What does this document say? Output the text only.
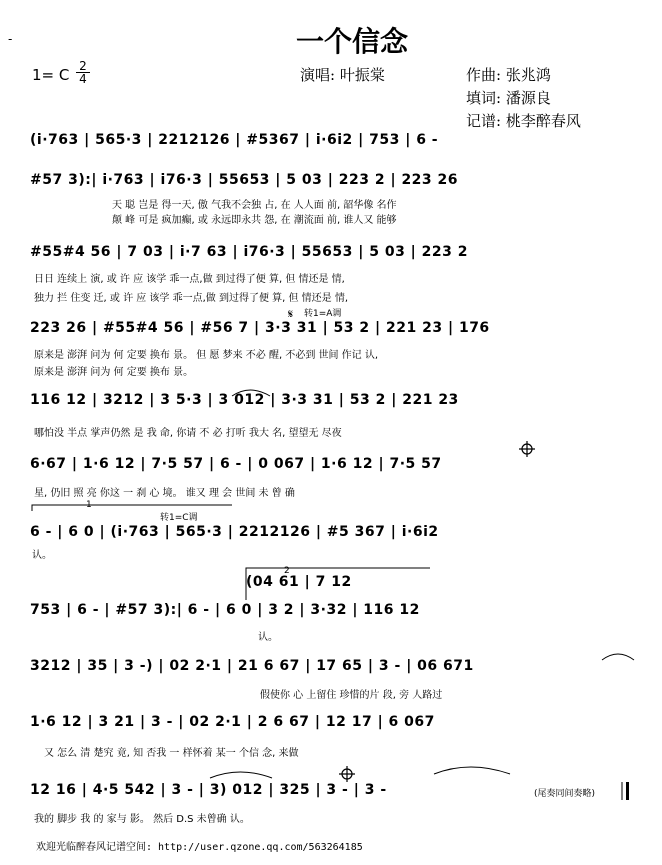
-	一个信念
演唱: 叶振棠	作曲: 张兆鸿
填词: 潘源良
记谱: 桃李醉春风
1= C $\frac{2}{4}$
(i·763 | 565·3 | 2212126 | #5367 | i·6i2 | 753 | 6 -
#57 3):| i·763 | i76·3 | 55653 | 5 03 | 223 2 | 223 26
天 聪 岂是 得一天, 傲 气我不会独 占, 在 人人面 前, 韶华像 名作
颠 峰 可是 疯加癫, 或 永远即永共 怨, 在 潮流面 前, 谁人又 能够
#55#4 56 | 7 03 | i·7 63 | i76·3 | 55653 | 5 03 | 223 2
日日 连续上 演, 或 许 应 该学 乖一点,做 到过得了便 算, 但 情还是 情,
独力 拦 住变 迁, 或 许 应 该学 乖一点,做 到过得了便 算, 但 情还是 情,
转1=A调
223 26 | #55#4 56 | #56 7 | 3·3 31 | 53 2 | 221 23 | 176
原来是 澎湃 问为 何 定要 换布 景。 但 愿 梦来 不必 醒, 不必到 世间 作记 认,
原来是 澎湃 问为 何 定要 换布 景。
116 12 | 3212 | 3 5·3 | 3 012 | 3·3 31 | 53 2 | 221 23
哪怕没 半点 掌声仍然 是 我 命, 你请 不 必 打听 我大 名, 望望无 尽夜
6·67 | 1·6 12 | 7·5 57 | 6 - | 0 067 | 1·6 12 | 7·5 57
星, 仍旧 照 亮 你这 一 刹 心 境。 谁又 理 会 世间 未 曾 确
1
转1=C调
6 - | 6 0 | (i·763 | 565·3 | 2212126 | #5 367 | i·6i2
认。
2
(04 61 | 7 12
753 | 6 - | #57 3):| 6 - | 6 0 | 3 2 | 3·32 | 116 12
认。
3212 | 35 | 3 -) | 02 2·1 | 21 6 67 | 17 65 | 3 - | 06 671
假使你 心 上留住 珍惜的片 段, 旁 人路过
1·6 12 | 3 21 | 3 - | 02 2·1 | 2 6 67 | 12 17 | 6 067
又 怎么 清 楚究 竟, 知 否我 一 样怀着 某一 个信 念, 来做
12 16 | 4·5 542 | 3 - | 3) 012 | 325 | 3 - | 3 -
我的 脚步 我 的 家与 影。 然后 D.S 未曾确 认。
(尾奏同间奏略)
欢迎光临醉春风记谱空间: http://user.qzone.qq.com/563264185
𝄋
